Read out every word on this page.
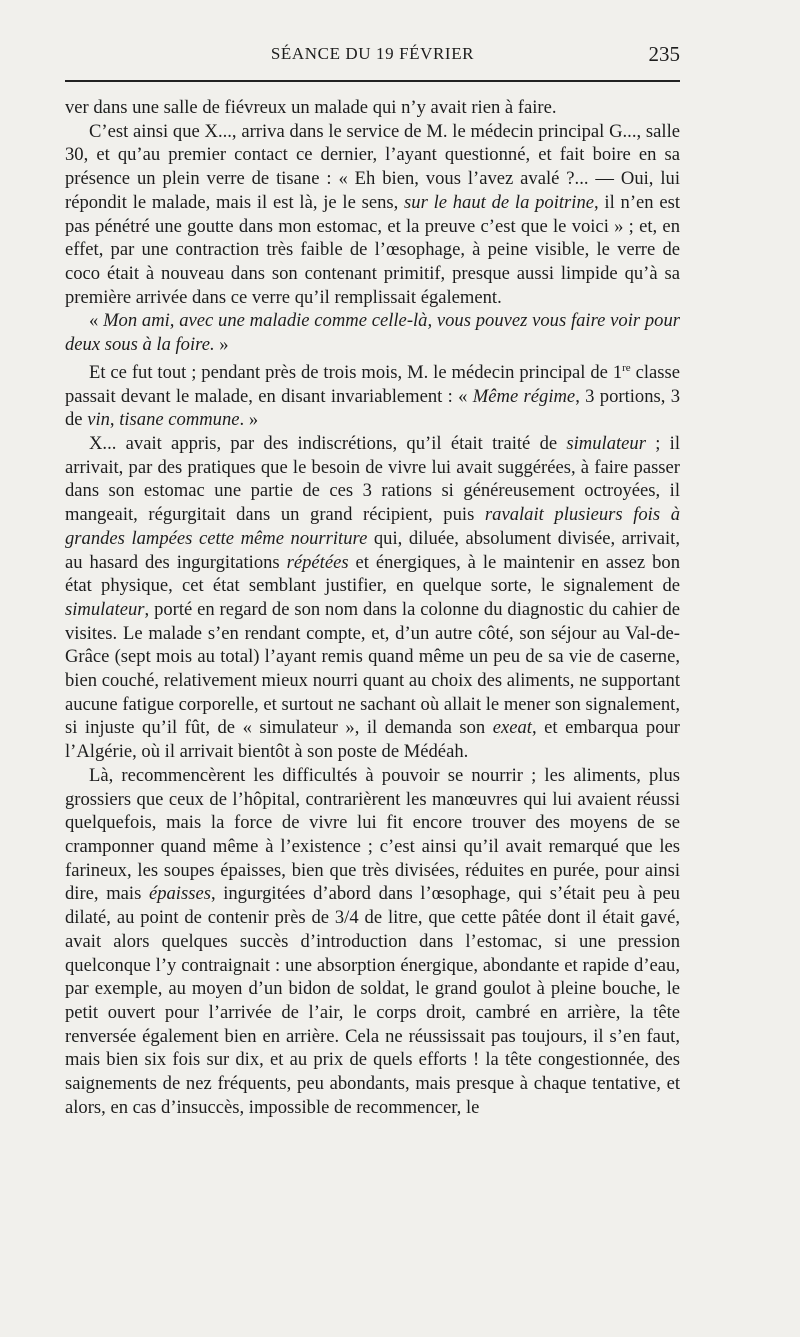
SÉANCE DU 19 FÉVRIER	235

ver dans une salle de fiévreux un malade qui n’y avait rien à faire.

C’est ainsi que X..., arriva dans le service de M. le médecin principal G..., salle 30, et qu’au premier contact ce dernier, l’ayant questionné, et fait boire en sa présence un plein verre de tisane : « Eh bien, vous l’avez avalé ?... — Oui, lui répondit le malade, mais il est là, je le sens, sur le haut de la poitrine, il n’en est pas pénétré une goutte dans mon estomac, et la preuve c’est que le voici » ; et, en effet, par une contraction très faible de l’œsophage, à peine visible, le verre de coco était à nouveau dans son contenant primitif, presque aussi limpide qu’à sa première arrivée dans ce verre qu’il remplissait également.

« Mon ami, avec une maladie comme celle-là, vous pouvez vous faire voir pour deux sous à la foire. »

Et ce fut tout ; pendant près de trois mois, M. le médecin principal de 1re classe passait devant le malade, en disant invariablement : « Même régime, 3 portions, 3 de vin, tisane commune. »

X... avait appris, par des indiscrétions, qu’il était traité de simulateur ; il arrivait, par des pratiques que le besoin de vivre lui avait suggérées, à faire passer dans son estomac une partie de ces 3 rations si généreusement octroyées, il mangeait, régurgitait dans un grand récipient, puis ravalait plusieurs fois à grandes lampées cette même nourriture qui, diluée, absolument divisée, arrivait, au hasard des ingurgitations répétées et énergiques, à le maintenir en assez bon état physique, cet état semblant justifier, en quelque sorte, le signalement de simulateur, porté en regard de son nom dans la colonne du diagnostic du cahier de visites. Le malade s’en rendant compte, et, d’un autre côté, son séjour au Val-de-Grâce (sept mois au total) l’ayant remis quand même un peu de sa vie de caserne, bien couché, relativement mieux nourri quant au choix des aliments, ne supportant aucune fatigue corporelle, et surtout ne sachant où allait le mener son signalement, si injuste qu’il fût, de « simulateur », il demanda son exeat, et embarqua pour l’Algérie, où il arrivait bientôt à son poste de Médéah.

Là, recommencèrent les difficultés à pouvoir se nourrir ; les aliments, plus grossiers que ceux de l’hôpital, contrarièrent les manœuvres qui lui avaient réussi quelquefois, mais la force de vivre lui fit encore trouver des moyens de se cramponner quand même à l’existence ; c’est ainsi qu’il avait remarqué que les farineux, les soupes épaisses, bien que très divisées, réduites en purée, pour ainsi dire, mais épaisses, ingurgitées d’abord dans l’œsophage, qui s’était peu à peu dilaté, au point de contenir près de 3/4 de litre, que cette pâtée dont il était gavé, avait alors quelques succès d’introduction dans l’estomac, si une pression quelconque l’y contraignait : une absorption énergique, abondante et rapide d’eau, par exemple, au moyen d’un bidon de soldat, le grand goulot à pleine bouche, le petit ouvert pour l’arrivée de l’air, le corps droit, cambré en arrière, la tête renversée également bien en arrière. Cela ne réussissait pas toujours, il s’en faut, mais bien six fois sur dix, et au prix de quels efforts ! la tête congestionnée, des saignements de nez fréquents, peu abondants, mais presque à chaque tentative, et alors, en cas d’insuccès, impossible de recommencer, le
